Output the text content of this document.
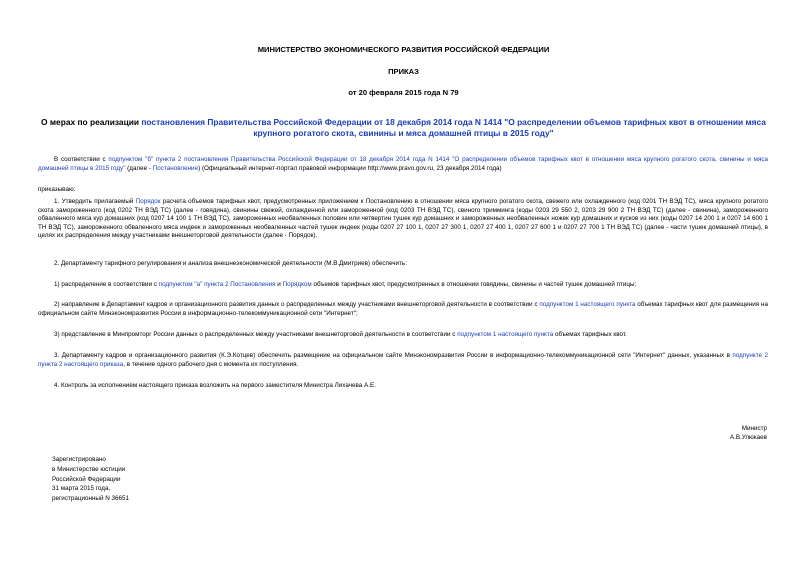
МИНИСТЕРСТВО ЭКОНОМИЧЕСКОГО РАЗВИТИЯ РОССИЙСКОЙ ФЕДЕРАЦИИ
ПРИКАЗ
от 20 февраля 2015 года N 79
О мерах по реализации постановления Правительства Российской Федерации от 18 декабря 2014 года N 1414 "О распределении объемов тарифных квот в отношении мяса крупного рогатого скота, свинины и мяса домашней птицы в 2015 году"
В соответствии с подпунктом "б" пункта 2 постановления Правительства Российской Федерации от 18 декабря 2014 года N 1414 "О распределении объемов тарифных квот в отношении мяса крупного рогатого скота, свинины и мяса домашней птицы в 2015 году" (далее - Постановление) (Официальный интернет-портал правовой информации http://www.pravo.gov.ru, 23 декабря 2014 года)
приказываю:
1. Утвердить прилагаемый Порядок расчета объемов тарифных квот, предусмотренных приложением к Постановлению в отношении мяса крупного рогатого скота, свежего или охлажденного (код 0201 ТН ВЭД ТС), мяса крупного рогатого скота замороженного (код 0202 ТН ВЭД ТС) (далее - говядина), свинины свежей, охлажденной или замороженной (код 0203 ТН ВЭД ТС), свиного тримминга (коды 0203 29 550 2, 0203 29 900 2 ТН ВЭД ТС) (далее - свинина), замороженного обваленного мяса кур домашних (код 0207 14 100 1 ТН ВЭД ТС), замороженных необваленных половин или четвертин тушек кур домашних и замороженных необваленных ножек кур домашних и кусков из них (коды 0207 14 200 1 и 0207 14 600 1 ТН ВЭД ТС), замороженного обваленного мяса индеек и замороженных необваленных частей тушек индеек (коды 0207 27 100 1, 0207 27 300 1, 0207 27 400 1, 0207 27 600 1 и 0207 27 700 1 ТН ВЭД ТС) (далее - части тушек домашней птицы), в целях их распределения между участниками внешнеторговой деятельности (далее - Порядок).
2. Департаменту тарифного регулирования и анализа внешнеэкономической деятельности (М.В.Дмитриев) обеспечить:
1) распределение в соответствии с подпунктом "а" пункта 2 Постановления и Порядком объемов тарифных квот, предусмотренных в отношении говядины, свинины и частей тушек домашней птицы;
2) направление в Департамент кадров и организационного развития данных о распределенных между участниками внешнеторговой деятельности в соответствии с подпунктом 1 настоящего пункта объемах тарифных квот для размещения на официальном сайте Минэкономразвития России в информационно-телекоммуникационной сети "Интернет";
3) представление в Минпромторг России данных о распределенных между участниками внешнеторговой деятельности в соответствии с подпунктом 1 настоящего пункта объемах тарифных квот.
3. Департаменту кадров и организационного развития (К.Э.Котцев) обеспечить размещение на официальном сайте Минэкономразвития России в информационно-телекоммуникационной сети "Интернет" данных, указанных в подпункте 2 пункта 2 настоящего приказа, в течение одного рабочего дня с момента их поступления.
4. Контроль за исполнением настоящего приказа возложить на первого заместителя Министра Лихачева А.Е.
Министр
А.В.Улюкаев
Зарегистрировано
в Министерстве юстиции
Российской Федерации
31 марта 2015 года,
регистрационный N 36651
